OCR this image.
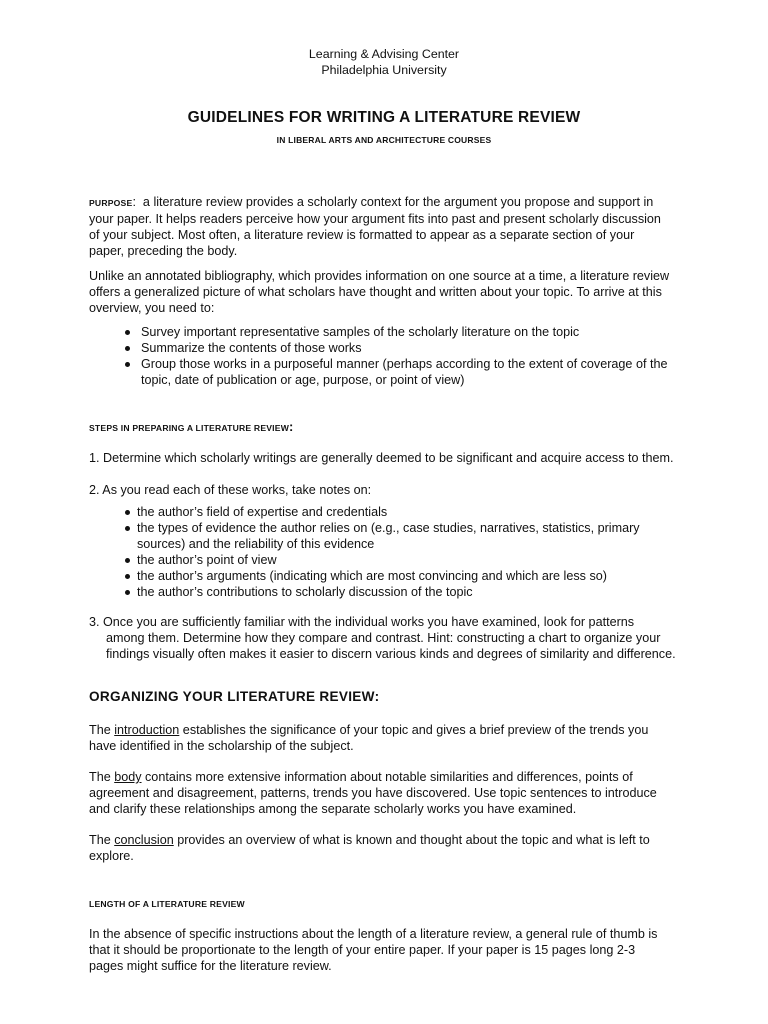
Learning & Advising Center
Philadelphia University
GUIDELINES FOR WRITING A LITERATURE REVIEW
IN LIBERAL ARTS AND ARCHITECTURE COURSES

PURPOSE:  a literature review provides a scholarly context for the argument you propose and support in

your paper. It helps readers perceive how your argument fits into past and present scholarly discussion

of your subject. Most often, a literature review is formatted to appear as a separate section of your

paper, preceding the body.

Unlike an annotated bibliography, which provides information on one source at a time, a literature review

offers a generalized picture of what scholars have thought and written about your topic. To arrive at this

overview, you need to:

Survey important representative samples of the scholarly literature on the topic

Summarize the contents of those works

Group those works in a purposeful manner (perhaps according to the extent of coverage of the

topic, date of publication or age, purpose, or point of view)

STEPS IN PREPARING A LITERATURE REVIEW:

1. Determine which scholarly writings are generally deemed to be significant and acquire access to them.

2. As you read each of these works, take notes on:

the author’s field of expertise and credentials

the types of evidence the author relies on (e.g., case studies, narratives, statistics, primary

sources) and the reliability of this evidence

the author’s point of view

the author’s arguments (indicating which are most convincing and which are less so)

the author’s contributions to scholarly discussion of the topic

3. Once you are sufficiently familiar with the individual works you have examined, look for patterns

among them. Determine how they compare and contrast. Hint: constructing a chart to organize your

findings visually often makes it easier to discern various kinds and degrees of similarity and difference.

ORGANIZING YOUR LITERATURE REVIEW:

The introduction establishes the significance of your topic and gives a brief preview of the trends you

have identified in the scholarship of the subject.

The body contains more extensive information about notable similarities and differences, points of

agreement and disagreement, patterns, trends you have discovered. Use topic sentences to introduce

and clarify these relationships among the separate scholarly works you have examined.

The conclusion provides an overview of what is known and thought about the topic and what is left to

explore.

LENGTH OF A LITERATURE REVIEW

In the absence of specific instructions about the length of a literature review, a general rule of thumb is

that it should be proportionate to the length of your entire paper. If your paper is 15 pages long 2-3

pages might suffice for the literature review.
